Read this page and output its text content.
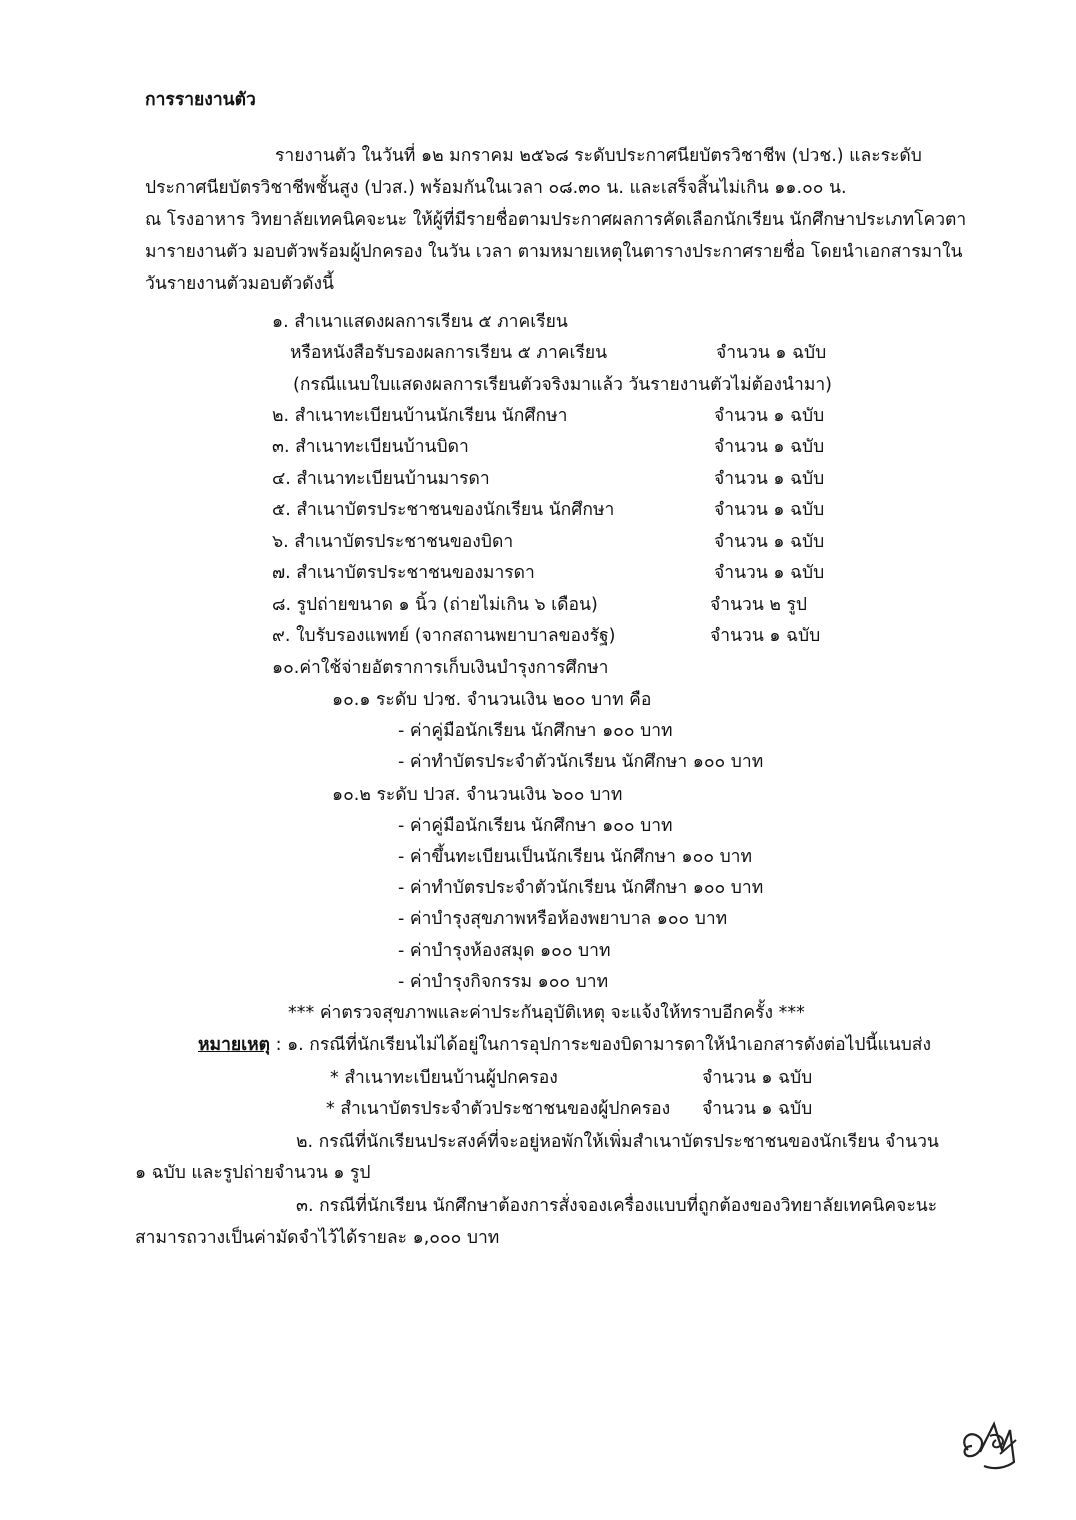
การรายงานตัว
รายงานตัว ในวันที่ ๑๒ มกราคม ๒๕๖๘ ระดับประกาศนียบัตรวิชาชีพ (ปวช.) และระดับ
ประกาศนียบัตรวิชาชีพชั้นสูง (ปวส.) พร้อมกันในเวลา ๐๘.๓๐ น. และเสร็จสิ้นไม่เกิน ๑๑.๐๐ น.
ณ โรงอาหาร วิทยาลัยเทคนิคจะนะ ให้ผู้ที่มีรายชื่อตามประกาศผลการคัดเลือกนักเรียน นักศึกษาประเภทโควตา
มารายงานตัว มอบตัวพร้อมผู้ปกครอง ในวัน เวลา ตามหมายเหตุในตารางประกาศรายชื่อ โดยนำเอกสารมาใน
วันรายงานตัวมอบตัวดังนี้
๑. สำเนาแสดงผลการเรียน ๕ ภาคเรียน
หรือหนังสือรับรองผลการเรียน ๕ ภาคเรียน	จำนวน ๑ ฉบับ
(กรณีแนบใบแสดงผลการเรียนตัวจริงมาแล้ว วันรายงานตัวไม่ต้องนำมา)
๒. สำเนาทะเบียนบ้านนักเรียน นักศึกษา	จำนวน ๑ ฉบับ
๓. สำเนาทะเบียนบ้านบิดา	จำนวน ๑ ฉบับ
๔. สำเนาทะเบียนบ้านมารดา	จำนวน ๑ ฉบับ
๕. สำเนาบัตรประชาชนของนักเรียน นักศึกษา	จำนวน ๑ ฉบับ
๖. สำเนาบัตรประชาชนของบิดา	จำนวน ๑ ฉบับ
๗. สำเนาบัตรประชาชนของมารดา	จำนวน ๑ ฉบับ
๘. รูปถ่ายขนาด ๑ นิ้ว (ถ่ายไม่เกิน ๖ เดือน)	จำนวน ๒ รูป
๙. ใบรับรองแพทย์ (จากสถานพยาบาลของรัฐ)	จำนวน ๑ ฉบับ
๑๐.ค่าใช้จ่ายอัตราการเก็บเงินบำรุงการศึกษา
๑๐.๑ ระดับ ปวช. จำนวนเงิน ๒๐๐ บาท คือ
- ค่าคู่มือนักเรียน นักศึกษา ๑๐๐ บาท
- ค่าทำบัตรประจำตัวนักเรียน นักศึกษา ๑๐๐ บาท
๑๐.๒ ระดับ ปวส. จำนวนเงิน ๖๐๐ บาท
- ค่าคู่มือนักเรียน นักศึกษา ๑๐๐ บาท
- ค่าขึ้นทะเบียนเป็นนักเรียน นักศึกษา ๑๐๐ บาท
- ค่าทำบัตรประจำตัวนักเรียน นักศึกษา ๑๐๐ บาท
- ค่าบำรุงสุขภาพหรือห้องพยาบาล ๑๐๐ บาท
- ค่าบำรุงห้องสมุด ๑๐๐ บาท
- ค่าบำรุงกิจกรรม ๑๐๐ บาท
*** ค่าตรวจสุขภาพและค่าประกันอุบัติเหตุ จะแจ้งให้ทราบอีกครั้ง ***
หมายเหตุ : ๑. กรณีที่นักเรียนไม่ได้อยู่ในการอุปการะของบิดามารดาให้นำเอกสารดังต่อไปนี้แนบส่ง
* สำเนาทะเบียนบ้านผู้ปกครอง	จำนวน ๑ ฉบับ
* สำเนาบัตรประจำตัวประชาชนของผู้ปกครอง จำนวน ๑ ฉบับ
๒. กรณีที่นักเรียนประสงค์ที่จะอยู่หอพักให้เพิ่มสำเนาบัตรประชาชนของนักเรียน จำนวน
๑ ฉบับ และรูปถ่ายจำนวน ๑ รูป
๓. กรณีที่นักเรียน นักศึกษาต้องการสั่งจองเครื่องแบบที่ถูกต้องของวิทยาลัยเทคนิคจะนะ
สามารถวางเป็นค่ามัดจำไว้ได้รายละ ๑,๐๐๐ บาท
